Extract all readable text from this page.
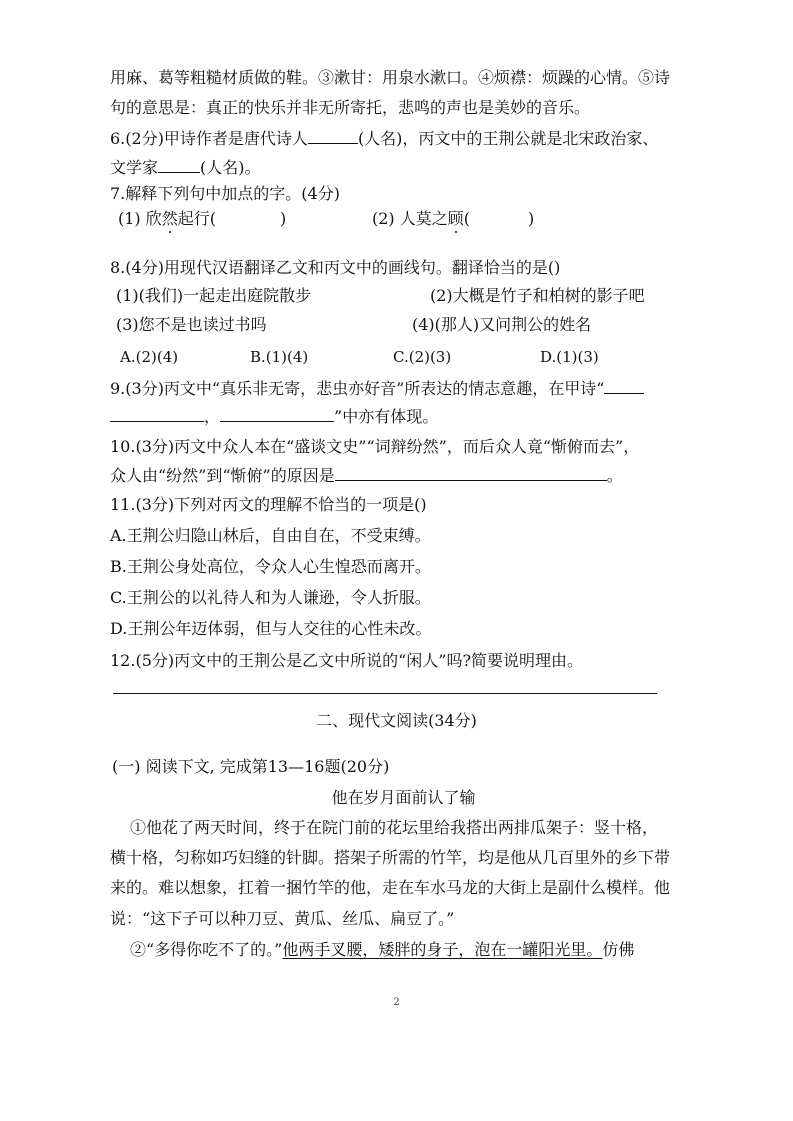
用麻、葛等粗糙材质做的鞋。③漱甘：用泉水漱口。④烦襟：烦躁的心情。⑤诗
句的意思是：真正的快乐并非无所寄托，悲鸣的声也是美妙的音乐。
6.(2分)甲诗作者是唐代诗人	(人名)，丙文中的王荆公就是北宋政治家、
文学家	(人名)。
7.解释下列句中加点的字。(4分)
(1) 欣然起行(	)	(2) 人莫之顾(	)
8.(4分)用现代汉语翻译乙文和丙文中的画线句。翻译恰当的是()
(1)(我们)一起走出庭院散步	(2)大概是竹子和柏树的影子吧
(3)您不是也读过书吗	(4)(那人)又问荆公的姓名
A.(2)(4)	B.(1)(4)	C.(2)(3)	D.(1)(3)
9.(3分)丙文中“真乐非无寄，悲虫亦好音”所表达的情志意趣，在甲诗“
，	”中亦有体现。
10.(3分)丙文中众人本在“盛谈文史”“词辩纷然”，而后众人竟“惭俯而去”，
众人由“纷然”到“惭俯”的原因是	。
11.(3分)下列对丙文的理解不恰当的一项是()
A.王荆公归隐山林后，自由自在，不受束缚。
B.王荆公身处高位，令众人心生惶恐而离开。
C.王荆公的以礼待人和为人谦逊，令人折服。
D.王荆公年迈体弱，但与人交往的心性未改。
12.(5分)丙文中的王荆公是乙文中所说的“闲人”吗?简要说明理由。
二、现代文阅读(34分)
(一) 阅读下文, 完成第13—16题(20分)
他在岁月面前认了输
①他花了两天时间，终于在院门前的花坛里给我搭出两排瓜架子：竖十格，
横十格，匀称如巧妇缝的针脚。搭架子所需的竹竿，均是他从几百里外的乡下带
来的。难以想象，扛着一捆竹竿的他，走在车水马龙的大街上是副什么模样。他
说：“这下子可以种刀豆、黄瓜、丝瓜、扁豆了。”
②“多得你吃不了的。”他两手叉腰，矮胖的身子，泡在一罐阳光里。仿佛
2
